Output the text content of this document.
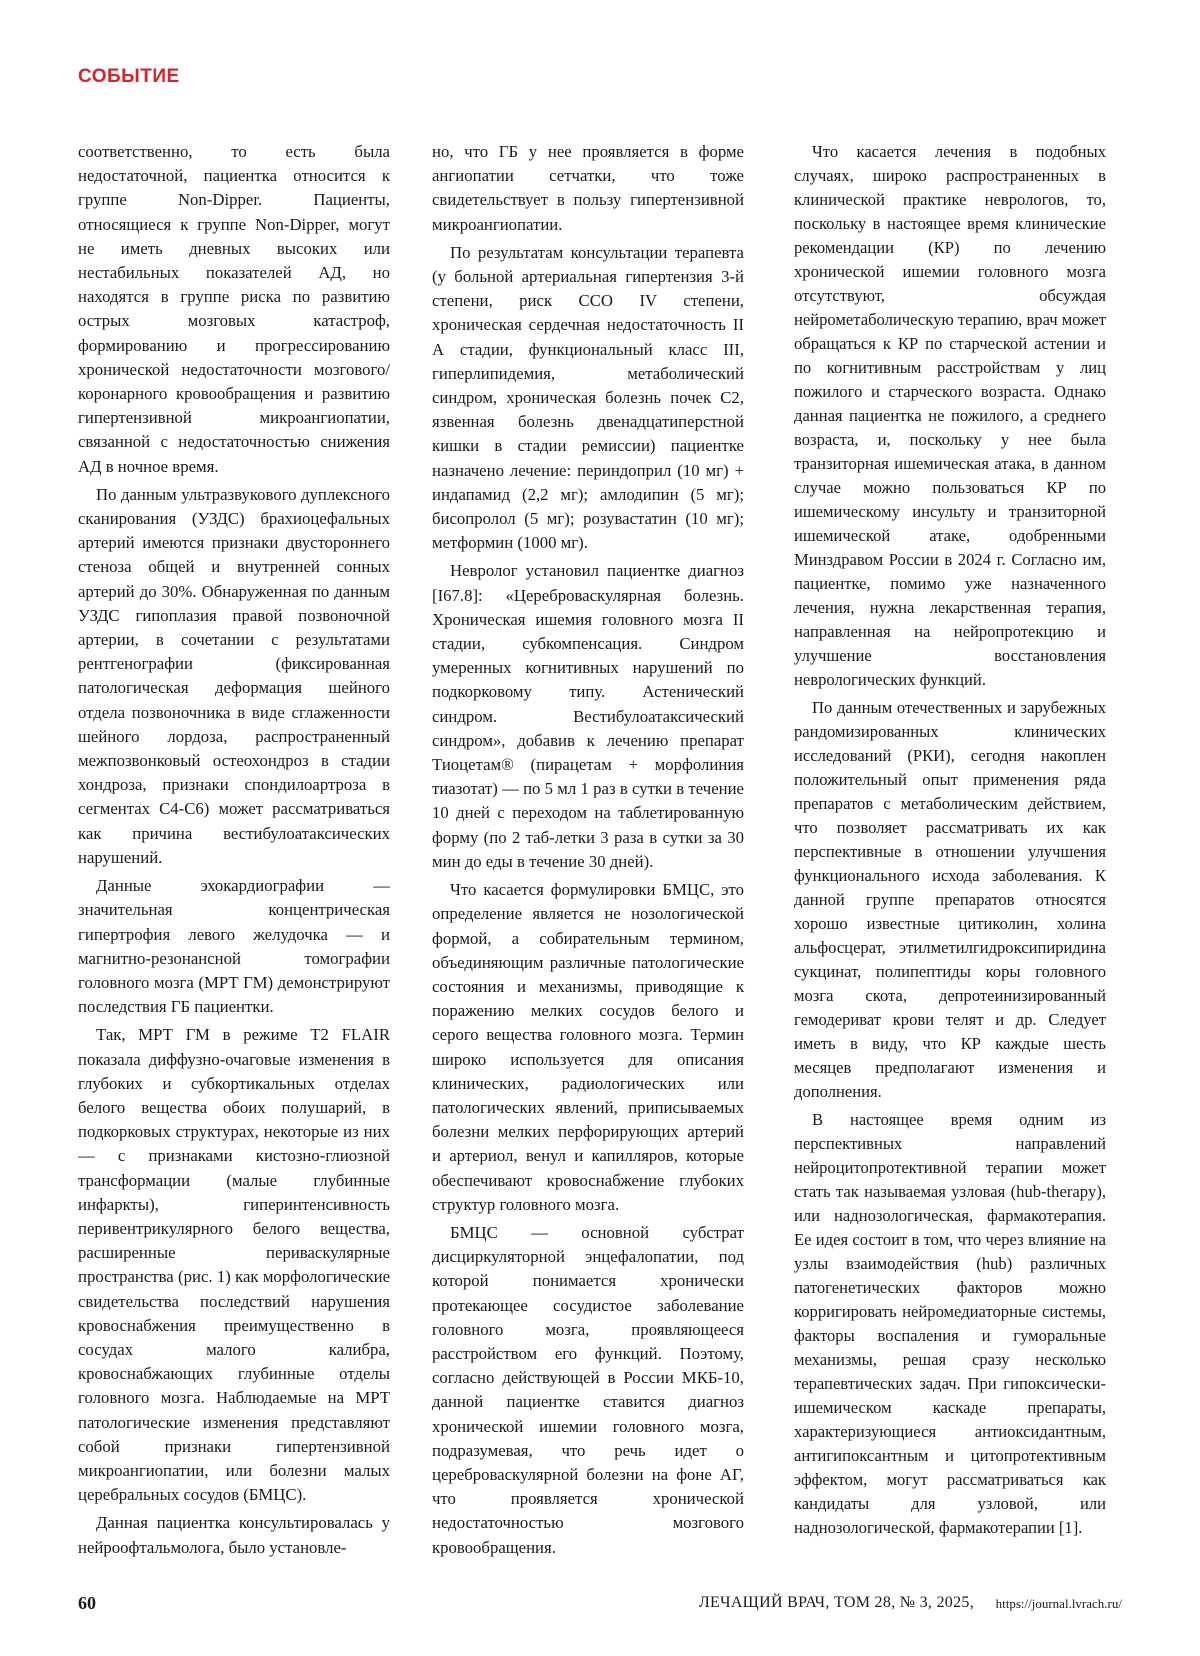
СОБЫТИЕ

соответственно, то есть была недостаточной, пациентка относится к группе Non-Dipper. Пациенты, относящиеся к группе Non-Dipper, могут не иметь дневных высоких или нестабильных показателей АД, но находятся в группе риска по развитию острых мозговых катастроф, формированию и прогрессированию хронической недостаточности мозгового/коронарного кровообращения и развитию гипертензивной микроангиопатии, связанной с недостаточностью снижения АД в ночное время.

По данным ультразвукового дуплексного сканирования (УЗДС) брахиоцефальных артерий имеются признаки двустороннего стеноза общей и внутренней сонных артерий до 30%. Обнаруженная по данным УЗДС гипоплазия правой позвоночной артерии, в сочетании с результатами рентгенографии (фиксированная патологическая деформация шейного отдела позвоночника в виде сглаженности шейного лордоза, распространенный межпозвонковый остеохондроз в стадии хондроза, признаки спондилоартроза в сегментах С4-С6) может рассматриваться как причина вестибулоатаксических нарушений.

Данные эхокардиографии — значительная концентрическая гипертрофия левого желудочка — и магнитно-резонансной томографии головного мозга (МРТ ГМ) демонстрируют последствия ГБ пациентки.

Так, МРТ ГМ в режиме Т2 FLAIR показала диффузно-очаговые изменения в глубоких и субкортикальных отделах белого вещества обоих полушарий, в подкорковых структурах, некоторые из них — с признаками кистозно-глиозной трансформации (малые глубинные инфаркты), гиперинтенсивность перивентрикулярного белого вещества, расширенные периваскулярные пространства (рис. 1) как морфологические свидетельства последствий нарушения кровоснабжения преимущественно в сосудах малого калибра, кровоснабжающих глубинные отделы головного мозга. Наблюдаемые на МРТ патологические изменения представляют собой признаки гипертензивной микроангиопатии, или болезни малых церебральных сосудов (БМЦС).

Данная пациентка консультировалась у нейроофтальмолога, было установле-

но, что ГБ у нее проявляется в форме ангиопатии сетчатки, что тоже свидетельствует в пользу гипертензивной микроангиопатии.

По результатам консультации терапевта (у больной артериальная гипертензия 3-й степени, риск ССО IV степени, хроническая сердечная недостаточность II А стадии, функциональный класс III, гиперлипидемия, метаболический синдром, хроническая болезнь почек С2, язвенная болезнь двенадцатиперстной кишки в стадии ремиссии) пациентке назначено лечение: периндоприл (10 мг) + индапамид (2,2 мг); амлодипин (5 мг); бисопролол (5 мг); розувастатин (10 мг); метформин (1000 мг).

Невролог установил пациентке диагноз [I67.8]: «Цереброваскулярная болезнь. Хроническая ишемия головного мозга II стадии, субкомпенсация. Синдром умеренных когнитивных нарушений по подкорковому типу. Астенический синдром. Вестибулоатаксический синдром», добавив к лечению препарат Тиоцетам® (пирацетам + морфолиния тиазотат) — по 5 мл 1 раз в сутки в течение 10 дней с переходом на таблетированную форму (по 2 таб-летки 3 раза в сутки за 30 мин до еды в течение 30 дней).

Что касается формулировки БМЦС, это определение является не нозологической формой, а собирательным термином, объединяющим различные патологические состояния и механизмы, приводящие к поражению мелких сосудов белого и серого вещества головного мозга. Термин широко используется для описания клинических, радиологических или патологических явлений, приписываемых болезни мелких перфорирующих артерий и артериол, венул и капилляров, которые обеспечивают кровоснабжение глубоких структур головного мозга.

БМЦС — основной субстрат дисциркуляторной энцефалопатии, под которой понимается хронически протекающее сосудистое заболевание головного мозга, проявляющееся расстройством его функций. Поэтому, согласно действующей в России МКБ-10, данной пациентке ставится диагноз хронической ишемии головного мозга, подразумевая, что речь идет о цереброваскулярной болезни на фоне АГ, что проявляется хронической недостаточностью мозгового кровообращения.

Что касается лечения в подобных случаях, широко распространенных в клинической практике неврологов, то, поскольку в настоящее время клинические рекомендации (КР) по лечению хронической ишемии головного мозга отсутствуют, обсуждая нейрометаболическую терапию, врач может обращаться к КР по старческой астении и по когнитивным расстройствам у лиц пожилого и старческого возраста. Однако данная пациентка не пожилого, а среднего возраста, и, поскольку у нее была транзиторная ишемическая атака, в данном случае можно пользоваться КР по ишемическому инсульту и транзиторной ишемической атаке, одобренными Минздравом России в 2024 г. Согласно им, пациентке, помимо уже назначенного лечения, нужна лекарственная терапия, направленная на нейропротекцию и улучшение восстановления неврологических функций.

По данным отечественных и зарубежных рандомизированных клинических исследований (РКИ), сегодня накоплен положительный опыт применения ряда препаратов с метаболическим действием, что позволяет рассматривать их как перспективные в отношении улучшения функционального исхода заболевания. К данной группе препаратов относятся хорошо известные цитиколин, холина альфосцерат, этилметилгидроксипиридина сукцинат, полипептиды коры головного мозга скота, депротеинизированный гемодериват крови телят и др. Следует иметь в виду, что КР каждые шесть месяцев предполагают изменения и дополнения.

В настоящее время одним из перспективных направлений нейроцитопротективной терапии может стать так называемая узловая (hub-therapy), или наднозологическая, фармакотерапия. Ее идея состоит в том, что через влияние на узлы взаимодействия (hub) различных патогенетических факторов можно корригировать нейромедиаторные системы, факторы воспаления и гуморальные механизмы, решая сразу несколько терапевтических задач. При гипоксически-ишемическом каскаде препараты, характеризующиеся антиоксидантным, антигипоксантным и цитопротективным эффектом, могут рассматриваться как кандидаты для узловой, или наднозологической, фармакотерапии [1].

60	ЛЕЧАЩИЙ ВРАЧ, ТОМ 28, № 3, 2025, https://journal.lvrach.ru/
